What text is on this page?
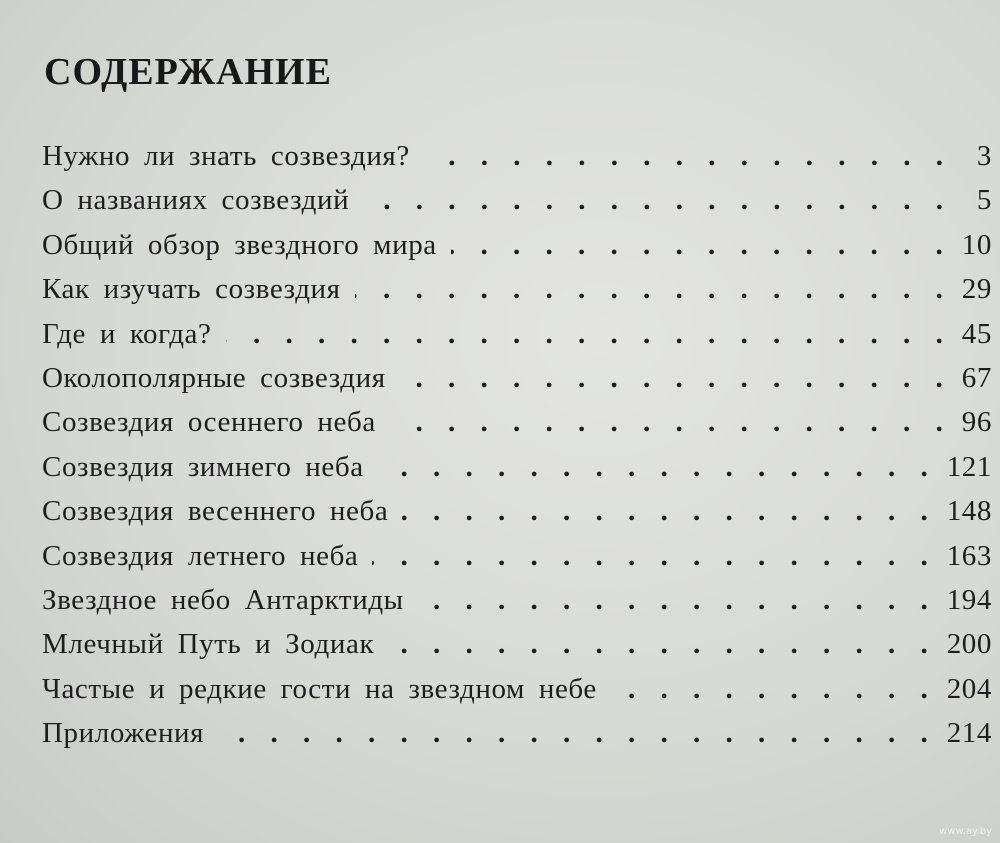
СОДЕРЖАНИЕ
Нужно ли знать созвездия? . . .	3
О названиях созвездий . . .	5
Общий обзор звездного мира . . .	10
Как изучать созвездия . . .	29
Где и когда? . . .	45
Околополярные созвездия . . .	67
Созвездия осеннего неба . . .	96
Созвездия зимнего неба . . .	121
Созвездия весеннего неба . . .	148
Созвездия летнего неба . . .	163
Звездное небо Антарктиды . . .	194
Млечный Путь и Зодиак . . .	200
Частые и редкие гости на звездном небе . . .	204
Приложения . . .	214
www.ay.by
